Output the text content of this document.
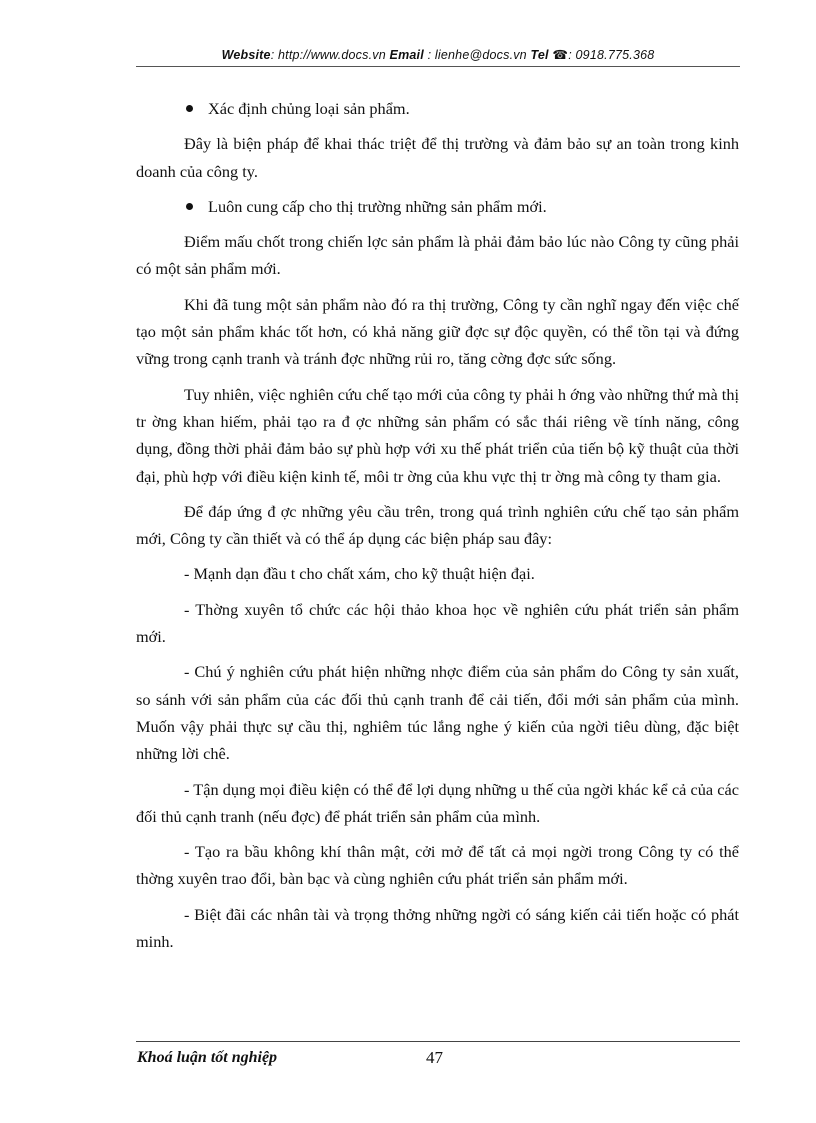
Website: http://www.docs.vn Email : lienhe@docs.vn Tel ☎: 0918.775.368

Xác định chủng loại sản phẩm.

Đây là biện pháp để khai thác triệt để thị trường và đảm bảo sự an toàn trong kinh doanh của công ty.

Luôn cung cấp cho thị trường những sản phẩm mới.

Điểm mấu chốt trong chiến lợc sản phẩm là phải đảm bảo lúc nào Công ty cũng phải có một sản phẩm mới.

Khi đã tung một sản phẩm nào đó ra thị trường, Công ty cần nghĩ ngay đến việc chế tạo một sản phẩm khác tốt hơn, có khả năng giữ đợc sự độc quyền, có thể tồn tại và đứng vững trong cạnh tranh và tránh đợc những rủi ro, tăng cờng đợc sức sống.

Tuy nhiên, việc nghiên cứu chế tạo mới của công ty phải h ớng vào những thứ mà thị tr ờng khan hiếm, phải tạo ra đ ợc những sản phẩm có sắc thái riêng về tính năng, công dụng, đồng thời phải đảm bảo sự phù hợp với xu thế phát triển của tiến bộ kỹ thuật của thời đại, phù hợp với điều kiện kinh tế, môi tr ờng của khu vực thị tr ờng mà công ty tham gia.

Để đáp ứng đ ợc những yêu cầu trên, trong quá trình nghiên cứu chế tạo sản phẩm mới, Công ty cần thiết và có thể áp dụng các biện pháp sau đây:

- Mạnh dạn đầu t cho chất xám, cho kỹ thuật hiện đại.

- Thờng xuyên tổ chức các hội thảo khoa học về nghiên cứu phát triển sản phẩm mới.

- Chú ý nghiên cứu phát hiện những nhợc điểm của sản phẩm do Công ty sản xuất, so sánh với sản phẩm của các đối thủ cạnh tranh để cải tiến, đổi mới sản phẩm của mình. Muốn vậy phải thực sự cầu thị, nghiêm túc lắng nghe ý kiến của ngời tiêu dùng, đặc biệt những lời chê.

- Tận dụng mọi điều kiện có thể để lợi dụng những u thế của ngời khác kể cả của các đối thủ cạnh tranh (nếu đợc) để phát triển sản phẩm của mình.

- Tạo ra bầu không khí thân mật, cởi mở để tất cả mọi ngời trong Công ty có thể thờng xuyên trao đổi, bàn bạc và cùng nghiên cứu phát triển sản phẩm mới.

- Biệt đãi các nhân tài và trọng thởng những ngời có sáng kiến cải tiến hoặc có phát minh.

Khoá luận tốt nghiệp	47
